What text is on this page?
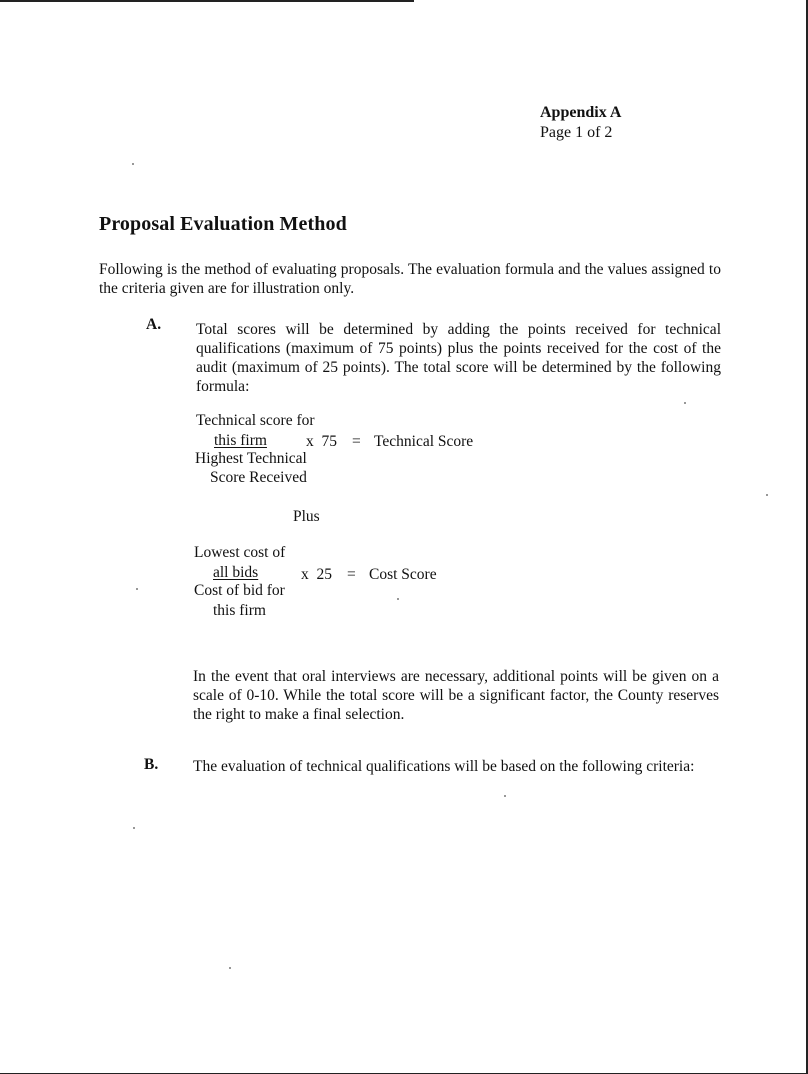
Appendix A
Page 1 of 2
Proposal Evaluation Method
Following is the method of evaluating proposals. The evaluation formula and the values assigned to the criteria given are for illustration only.
A. Total scores will be determined by adding the points received for technical qualifications (maximum of 75 points) plus the points received for the cost of the audit (maximum of 25 points). The total score will be determined by the following formula:
Technical score for
this firm	x  75 = Technical Score
Highest Technical
Score Received
Plus
Lowest cost of
all bids	x  25 = Cost Score
Cost of bid for
this firm
In the event that oral interviews are necessary, additional points will be given on a scale of 0-10. While the total score will be a significant factor, the County reserves the right to make a final selection.
B. The evaluation of technical qualifications will be based on the following criteria:
